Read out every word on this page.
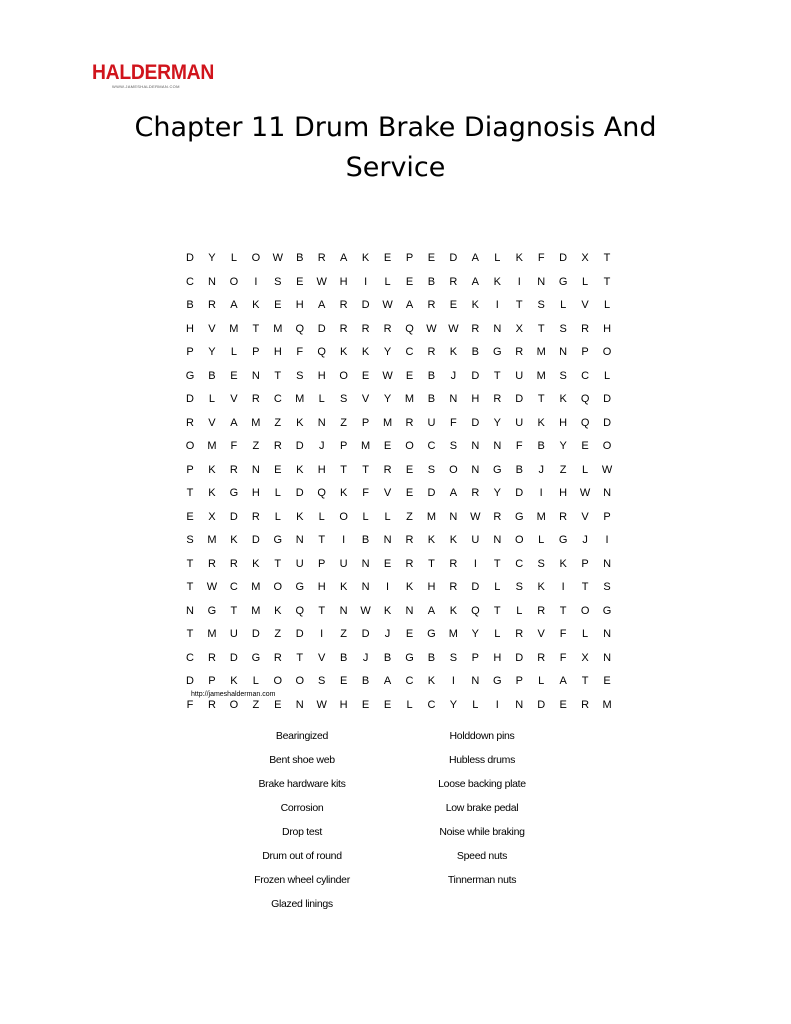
HALDERMAN
WWW.JAMESHALDERMAN.COM
Chapter 11 Drum Brake Diagnosis And
Service
D	Y	L	O	W	B	R	A	K	E	P	E	D	A	L	K	F	D	X	T
C	N	O	I	S	E	W	H	I	L	E	B	R	A	K	I	N	G	L	T
B	R	A	K	E	H	A	R	D	W	A	R	E	K	I	T	S	L	V	L
H	V	M	T	M	Q	D	R	R	R	Q	W	W	R	N	X	T	S	R	H
P	Y	L	P	H	F	Q	K	K	Y	C	R	K	B	G	R	M	N	P	O
G	B	E	N	T	S	H	O	E	W	E	B	J	D	T	U	M	S	C	L
D	L	V	R	C	M	L	S	V	Y	M	B	N	H	R	D	T	K	Q	D
R	V	A	M	Z	K	N	Z	P	M	R	U	F	D	Y	U	K	H	Q	D
O	M	F	Z	R	D	J	P	M	E	O	C	S	N	N	F	B	Y	E	O
P	K	R	N	E	K	H	T	T	R	E	S	O	N	G	B	J	Z	L	W
T	K	G	H	L	D	Q	K	F	V	E	D	A	R	Y	D	I	H	W	N
E	X	D	R	L	K	L	O	L	L	Z	M	N	W	R	G	M	R	V	P
S	M	K	D	G	N	T	I	B	N	R	K	K	U	N	O	L	G	J	I
T	R	R	K	T	U	P	U	N	E	R	T	R	I	T	C	S	K	P	N
T	W	C	M	O	G	H	K	N	I	K	H	R	D	L	S	K	I	T	S
N	G	T	M	K	Q	T	N	W	K	N	A	K	Q	T	L	R	T	O	G
T	M	U	D	Z	D	I	Z	D	J	E	G	M	Y	L	R	V	F	L	N
C	R	D	G	R	T	V	B	J	B	G	B	S	P	H	D	R	F	X	N
D	P	K	L	O	O	S	E	B	A	C	K	I	N	G	P	L	A	T	E
F	R	O	Z	E	N	W	H	E	E	L	C	Y	L	I	N	D	E	R	M
http://jameshalderman.com
Bearingized
Bent shoe web
Brake hardware kits
Corrosion
Drop test
Drum out of round
Frozen wheel cylinder
Glazed linings
Holddown pins
Hubless drums
Loose backing plate
Low brake pedal
Noise while braking
Speed nuts
Tinnerman nuts
